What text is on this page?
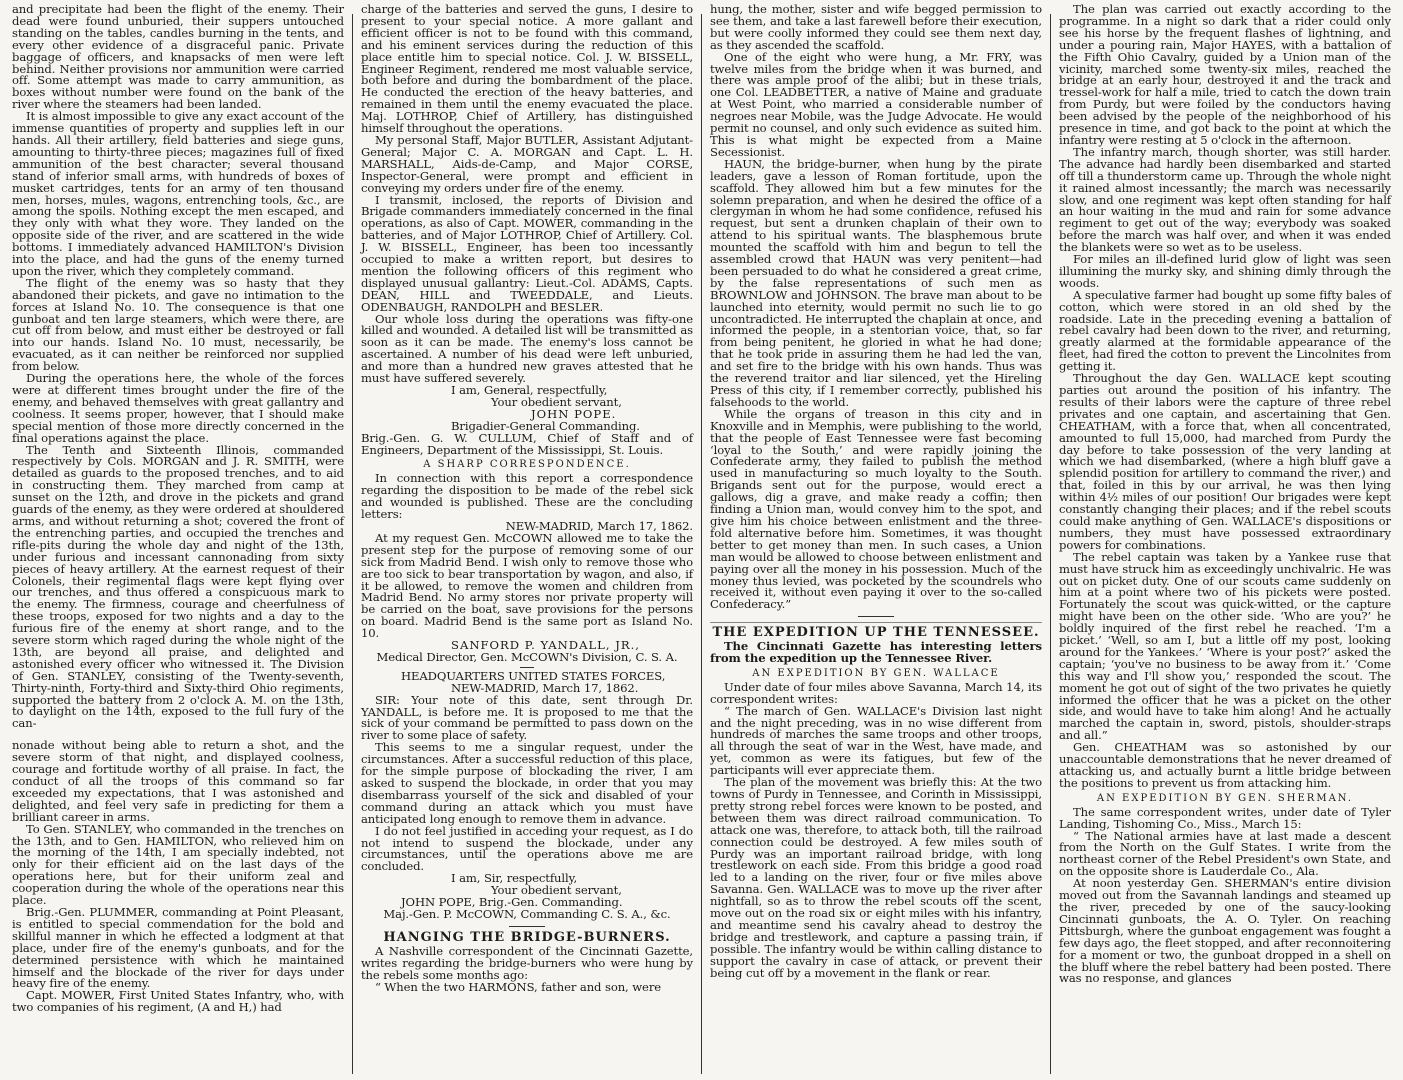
and precipitate had been the flight of the enemy. Their dead were found unburied, their suppers untouched standing on the tables, candles burning in the tents, and every other evidence of a disgraceful panic. Private baggage of officers, and knapsacks of men were left behind. Neither provisions nor ammunition were carried off. Some attempt was made to carry ammunition, as boxes without number were found on the bank of the river where the steamers had been landed.

It is almost impossible to give any exact account of the immense quantities of property and supplies left in our hands. All their artillery, field batteries and siege guns, amounting to thirty-three pieces; magazines full of fixed ammunition of the best character; several thousand stand of inferior small arms, with hundreds of boxes of musket cartridges, tents for an army of ten thousand men, horses, mules, wagons, entrenching tools, &c., are among the spoils. Nothing except the men escaped, and they only with what they wore. They landed on the opposite side of the river, and are scattered in the wide bottoms. I immediately advanced HAMILTON's Division into the place, and had the guns of the enemy turned upon the river, which they completely command.

The flight of the enemy was so hasty that they abandoned their pickets, and gave no intimation to the forces at Island No. 10. The consequence is that one gunboat and ten large steamers, which were there, are cut off from below, and must either be destroyed or fall into our hands. Island No. 10 must, necessarily, be evacuated, as it can neither be reinforced nor supplied from below.

During the operations here, the whole of the forces were at different times brought under the fire of the enemy, and behaved themselves with great gallantry and coolness. It seems proper, however, that I should make special mention of those more directly concerned in the final operations against the place.

The Tenth and Sixteenth Illinois, commanded respectively by Cols. MORGAN and J. R. SMITH, were detailed as guards to the proposed trenches, and to aid in constructing them. They marched from camp at sunset on the 12th, and drove in the pickets and grand guards of the enemy, as they were ordered at shouldered arms, and without returning a shot; covered the front of the entrenching parties, and occupied the trenches and rifle-pits during the whole day and night of the 13th, under furious and incessant cannonading from sixty pieces of heavy artillery. At the earnest request of their Colonels, their regimental flags were kept flying over our trenches, and thus offered a conspicuous mark to the enemy. The firmness, courage and cheerfulness of these troops, exposed for two nights and a day to the furious fire of the enemy at short range, and to the severe storm which raged during the whole night of the 13th, are beyond all praise, and delighted and astonished every officer who witnessed it. The Division of Gen. STANLEY, consisting of the Twenty-seventh, Thirty-ninth, Forty-third and Sixty-third Ohio regiments, supported the battery from 2 o'clock A. M. on the 13th, to daylight on the 14th, exposed to the full fury of the can-

nonade without being able to return a shot, and the severe storm of that night, and displayed coolness, courage and fortitude worthy of all praise. In fact, the conduct of all the troops of this command so far exceeded my expectations, that I was astonished and delighted, and feel very safe in predicting for them a brilliant career in arms.

To Gen. STANLEY, who commanded in the trenches on the 13th, and to Gen. HAMILTON, who relieved him on the morning of the 14th, I am specially indebted, not only for their efficient aid on the last days of the operations here, but for their uniform zeal and cooperation during the whole of the operations near this place.

Brig.-Gen. PLUMMER, commanding at Point Pleasant, is entitled to special commendation for the bold and skillful manner in which he effected a lodgment at that place, under fire of the enemy's gunboats, and for the determined persistence with which he maintained himself and the blockade of the river for days under heavy fire of the enemy.

Capt. MOWER, First United States Infantry, who, with two companies of his regiment, (A and H,) had

charge of the batteries and served the guns, I desire to present to your special notice. A more gallant and efficient officer is not to be found with this command, and his eminent services during the reduction of this place entitle him to special notice. Col. J. W. BISSELL, Engineer Regiment, rendered me most valuable service, both before and during the bombardment of the place. He conducted the erection of the heavy batteries, and remained in them until the enemy evacuated the place. Maj. LOTHROP, Chief of Artillery, has distinguished himself throughout the operations.

My personal Staff, Major BUTLER, Assistant Adjutant-General; Major C. A. MORGAN and Capt. L. H. MARSHALL, Aids-de-Camp, and Major CORSE, Inspector-General, were prompt and efficient in conveying my orders under fire of the enemy.

I transmit, inclosed, the reports of Division and Brigade commanders immediately concerned in the final operations, as also of Capt. MOWER, commanding in the batteries, and of Major LOTHROP, Chief of Artillery. Col. J. W. BISSELL, Engineer, has been too incessantly occupied to make a written report, but desires to mention the following officers of this regiment who displayed unusual gallantry: Lieut.-Col. ADAMS, Capts. DEAN, HILL and TWEEDDALE, and Lieuts. ODENBAUGH, RANDOLPH and BESLER.

Our whole loss during the operations was fifty-one killed and wounded. A detailed list will be transmitted as soon as it can be made. The enemy's loss cannot be ascertained. A number of his dead were left unburied, and more than a hundred new graves attested that he must have suffered severely.

I am, General, respectfully,

Your obedient servant,

JOHN POPE.

Brigadier-General Commanding.

Brig.-Gen. G. W. CULLUM, Chief of Staff and of Engineers, Department of the Mississippi, St. Louis.

A SHARP CORRESPONDENCE.

In connection with this report a correspondence regarding the disposition to be made of the rebel sick and wounded is published. These are the concluding letters:

NEW-MADRID, March 17, 1862.

At my request Gen. McCOWN allowed me to take the present step for the purpose of removing some of our sick from Madrid Bend. I wish only to remove those who are too sick to bear transportation by wagon, and also, if it be allowed, to remove the women and children from Madrid Bend. No army stores nor private property will be carried on the boat, save provisions for the persons on board. Madrid Bend is the same port as Island No. 10.

SANFORD P. YANDALL, JR.,

Medical Director, Gen. McCOWN's Division, C. S. A.

HEADQUARTERS UNITED STATES FORCES,

NEW-MADRID, March 17, 1862.

SIR: Your note of this date, sent through Dr. YANDALL, is before me. It is proposed to me that the sick of your command be permitted to pass down on the river to some place of safety.

This seems to me a singular request, under the circumstances. After a successful reduction of this place, for the simple purpose of blockading the river, I am asked to suspend the blockade, in order that you may disembarrass yourself of the sick and disabled of your command during an attack which you must have anticipated long enough to remove them in advance.

I do not feel justified in acceding your request, as I do not intend to suspend the blockade, under any circumstances, until the operations above me are concluded.

I am, Sir, respectfully,

Your obedient servant,

JOHN POPE, Brig.-Gen. Commanding.

Maj.-Gen. P. McCOWN, Commanding C. S. A., &c.

HANGING THE BRIDGE-BURNERS.

A Nashville correspondent of the Cincinnati Gazette, writes regarding the bridge-burners who were hung by the rebels some months ago:

“ When the two HARMONS, father and son, were

hung, the mother, sister and wife begged permission to see them, and take a last farewell before their execution, but were coolly informed they could see them next day, as they ascended the scaffold.

One of the eight who were hung, a Mr. FRY, was twelve miles from the bridge when it was burned, and there was ample proof of the alibi; but in these trials, one Col. LEADBETTER, a native of Maine and graduate at West Point, who married a considerable number of negroes near Mobile, was the Judge Advocate. He would permit no counsel, and only such evidence as suited him. This is what might be expected from a Maine Secessionist.

HAUN, the bridge-burner, when hung by the pirate leaders, gave a lesson of Roman fortitude, upon the scaffold. They allowed him but a few minutes for the solemn preparation, and when he desired the office of a clergyman in whom he had some confidence, refused his request, but sent a drunken chaplain of their own to attend to his spiritual wants. The blasphemous brute mounted the scaffold with him and begun to tell the assembled crowd that HAUN was very penitent—had been persuaded to do what he considered a great crime, by the false representations of such men as BROWNLOW and JOHNSON. The brave man about to be launched into eternity, would permit no such lie to go uncontradicted. He interrupted the chaplain at once, and informed the people, in a stentorian voice, that, so far from being penitent, he gloried in what he had done; that he took pride in assuring them he had led the van, and set fire to the bridge with his own hands. Thus was the reverend traitor and liar silenced, yet the Hireling Press of this city, if I remember correctly, published his falsehoods to the world.

While the organs of treason in this city and in Knoxville and in Memphis, were publishing to the world, that the people of East Tennessee were fast becoming ‘loyal to the South,’ and were rapidly joining the Confederate army, they failed to publish the method used in manufacturing so much loyalty to the South. Brigands sent out for the purpose, would erect a gallows, dig a grave, and make ready a coffin; then finding a Union man, would convey him to the spot, and give him his choice between enlistment and the three-fold alternative before him. Sometimes, it was thought better to get money than men. In such cases, a Union man would be allowed to choose between enlistment and paying over all the money in his possession. Much of the money thus levied, was pocketed by the scoundrels who received it, without even paying it over to the so-called Confederacy.”

THE EXPEDITION UP THE TENNESSEE.

The Cincinnati Gazette has interesting letters from the expedition up the Tennessee River.

AN EXPEDITION BY GEN. WALLACE

Under date of four miles above Savanna, March 14, its correspondent writes:

“ The march of Gen. WALLACE's Division last night and the night preceding, was in no wise different from hundreds of marches the same troops and other troops, all through the seat of war in the West, have made, and yet, common as were its fatigues, but few of the participants will ever appreciate them.

The plan of the movement was briefly this: At the two towns of Purdy in Tennessee, and Corinth in Mississippi, pretty strong rebel forces were known to be posted, and between them was direct railroad communication. To attack one was, therefore, to attack both, till the railroad connection could be destroyed. A few miles south of Purdy was an important railroad bridge, with long trestlework on each side. From this bridge a good road led to a landing on the river, four or five miles above Savanna. Gen. WALLACE was to move up the river after nightfall, so as to throw the rebel scouts off the scent, move out on the road six or eight miles with his infantry, and meantime send his cavalry ahead to destroy the bridge and trestlework, and capture a passing train, if possible. The infantry would be within calling distance to support the cavalry in case of attack, or prevent their being cut off by a movement in the flank or rear.

The plan was carried out exactly according to the programme. In a night so dark that a rider could only see his horse by the frequent flashes of lightning, and under a pouring rain, Major HAYES, with a battalion of the Fifth Ohio Cavalry, guided by a Union man of the vicinity, marched some twenty-six miles, reached the bridge at an early hour, destroyed it and the track and tressel-work for half a mile, tried to catch the down train from Purdy, but were foiled by the conductors having been advised by the people of the neighborhood of his presence in time, and got back to the point at which the infantry were resting at 5 o'clock in the afternoon.

The infantry march, though shorter, was still harder. The advance had hardly been disembarked and started off till a thunderstorm came up. Through the whole night it rained almost incessantly; the march was necessarily slow, and one regiment was kept often standing for half an hour waiting in the mud and rain for some advance regiment to get out of the way; everybody was soaked before the march was half over, and when it was ended the blankets were so wet as to be useless.

For miles an ill-defined lurid glow of light was seen illumining the murky sky, and shining dimly through the woods.

A speculative farmer had bought up some fifty bales of cotton, which were stored in an old shed by the roadside. Late in the preceding evening a battalion of rebel cavalry had been down to the river, and returning, greatly alarmed at the formidable appearance of the fleet, had fired the cotton to prevent the Lincolnites from getting it.

Throughout the day Gen. WALLACE kept scouting parties out around the position of his infantry. The results of their labors were the capture of three rebel privates and one captain, and ascertaining that Gen. CHEATHAM, with a force that, when all concentrated, amounted to full 15,000, had marched from Purdy the day before to take possession of the very landing at which we had disembarked, (where a high bluff gave a splendid position for artillery to command the river,) and that, foiled in this by our arrival, he was then lying within 4½ miles of our position! Our brigades were kept constantly changing their places; and if the rebel scouts could make anything of Gen. WALLACE's dispositions or numbers, they must have possessed extraordinary powers for combinations.

The rebel captain was taken by a Yankee ruse that must have struck him as exceedingly unchivalric. He was out on picket duty. One of our scouts came suddenly on him at a point where two of his pickets were posted. Fortunately the scout was quick-witted, or the capture might have been on the other side. ‘Who are you?’ he boldly inquired of the first rebel he reached. ‘I'm a picket.’ ‘Well, so am I, but a little off my post, looking around for the Yankees.’ ‘Where is your post?’ asked the captain; ‘you've no business to be away from it.’ ‘Come this way and I'll show you,’ responded the scout. The moment he got out of sight of the two privates he quietly informed the officer that he was a picket on the other side, and would have to take him along! And he actually marched the captain in, sword, pistols, shoulder-straps and all.”

Gen. CHEATHAM was so astonished by our unaccountable demonstrations that he never dreamed of attacking us, and actually burnt a little bridge between the positions to prevent us from attacking him.

AN EXPEDITION BY GEN. SHERMAN.

The same correspondent writes, under date of Tyler Landing, Tishoming Co., Miss., March 15:

“ The National armies have at last made a descent from the North on the Gulf States. I write from the northeast corner of the Rebel President's own State, and on the opposite shore is Lauderdale Co., Ala.

At noon yesterday Gen. SHERMAN's entire division moved out from the Savannah landings and steamed up the river, preceded by one of the saucy-looking Cincinnati gunboats, the A. O. Tyler. On reaching Pittsburgh, where the gunboat engagement was fought a few days ago, the fleet stopped, and after reconnoitering for a moment or two, the gunboat dropped in a shell on the bluff where the rebel battery had been posted. There was no response, and glances
